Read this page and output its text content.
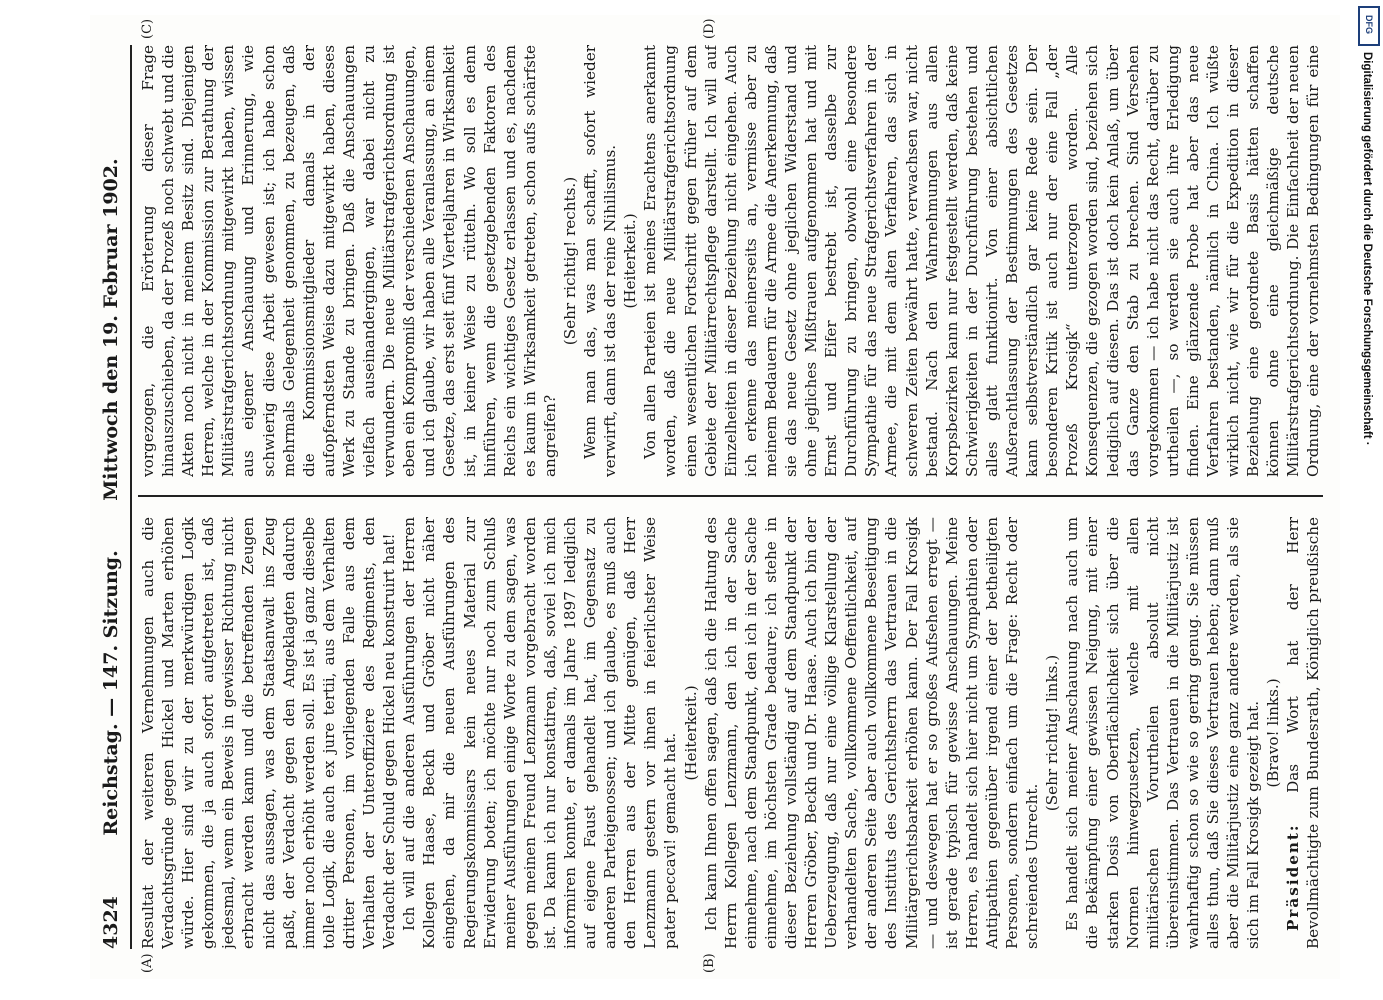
Reichstag. — 147. Sitzung.        Mittwoch den 19. Februar 1902.
4324
(A)	(B)
(C)	(D)

Resultat der weiteren Vernehmungen auch die Verdachtsgründe gegen Hickel und Marten erhöhen würde. Hier sind wir zu der merkwürdigen Logik gekommen, die ja auch sofort aufgetreten ist, daß jedesmal, wenn ein Beweis in gewisser Richtung nicht erbracht werden kann und die betreffenden Zeugen nicht das aussagen, was dem Staatsanwalt ins Zeug paßt, der Verdacht gegen den Angeklagten dadurch immer noch erhöht werden soll. Es ist ja ganz dieselbe tolle Logik, die auch ex jure tertii, aus dem Verhalten dritter Personen, im vorliegenden Falle aus dem Verhalten der Unteroffiziere des Regiments, den Verdacht der Schuld gegen Hickel neu konstruirt hat! Ich will auf die anderen Ausführungen der Herren Kollegen Haase, Beckh und Gröber nicht näher eingehen, da mir die neuen Ausführungen des Regierungskommissars kein neues Material zur Erwiderung boten; ich möchte nur noch zum Schluß meiner Ausführungen einige Worte zu dem sagen, was gegen meinen Freund Lenzmann vorgebracht worden ist. Da kann ich nur konstatiren, daß, soviel ich mich informiren konnte, er damals im Jahre 1897 lediglich auf eigene Faust gehandelt hat, im Gegensatz zu anderen Parteigenossen; und ich glaube, es muß auch den Herren aus der Mitte genügen, daß Herr Lenzmann gestern vor ihnen in feierlichster Weise pater peccavi! gemacht hat. (Heiterkeit.) Ich kann Ihnen offen sagen, daß ich die Haltung des Herrn Kollegen Lenzmann, den ich in der Sache einnehme, nach dem Standpunkt, den ich in der Sache einnehme, im höchsten Grade bedaure; ich stehe in dieser Beziehung vollständig auf dem Standpunkt der Herren Gröber, Beckh und Dr. Haase. Auch ich bin der Ueberzeugung, daß nur eine völlige Klarstellung der verhandelten Sache, vollkommene Oeffentlichkeit, auf der anderen Seite aber auch vollkommene Beseitigung des Instituts des Gerichtsherrn das Vertrauen in die Militärgerichtsbarkeit erhöhen kann. Der Fall Krosigk — und deswegen hat er so großes Aufsehen erregt — ist gerade typisch für gewisse Anschauungen. Meine Herren, es handelt sich hier nicht um Sympathien oder Antipathien gegenüber irgend einer der betheiligten Personen, sondern einfach um die Frage: Recht oder schreiendes Unrecht.

(Sehr richtig! links.) Es handelt sich meiner Anschauung nach auch um die Bekämpfung einer gewissen Neigung, mit einer starken Dosis von Oberflächlichkeit sich über die Normen hinwegzusetzen, welche mit allen militärischen Vorurtheilen absolut nicht übereinstimmen. Das Vertrauen in die Militärjustiz ist wahrhaftig schon so wie so gering genug. Sie müssen alles thun, daß Sie dieses Vertrauen heben; dann muß aber die Militärjustiz eine ganz andere werden, als sie sich im Fall Krosigk gezeigt hat. (Bravo! links.)

Präsident: Das Wort hat der Herr Bevollmächtigte zum Bundesrath, Königlich preußische

vorgezogen, die Erörterung dieser Frage hinauszuschieben, da der Prozeß noch schwebt und die Akten noch nicht in meinem Besitz sind. Diejenigen Herren, welche in der Kommission zur Berathung der Militärstrafgerichtsordnung mitgewirkt haben, wissen aus eigener Anschauung und Erinnerung, wie schwierig diese Arbeit gewesen ist; ich habe schon mehrmals Gelegenheit genommen, zu bezeugen, daß die Kommissionsmitglieder damals in der aufopferndsten Weise dazu mitgewirkt haben, dieses Werk zu Stande zu bringen. Daß die Anschauungen vielfach auseinandergingen, war dabei nicht zu verwundern. Die neue Militärstrafgerichtsordnung ist eben ein Kompromiß der verschiedenen Anschauungen, und ich glaube, wir haben alle Veranlassung, an einem Gesetze, das erst seit fünf Vierteljahren in Wirksamkeit ist, in keiner Weise zu rütteln. Wo soll es denn hinführen, wenn die gesetzgebenden Faktoren des Reichs ein wichtiges Gesetz erlassen und es, nachdem es kaum in Wirksamkeit getreten, schon aufs schärfste angreifen?

(Sehr richtig! rechts.) Wenn man das, was man schafft, sofort wieder verwirft, dann ist das der reine Nihilismus. (Heiterkeit.)

Von allen Parteien ist meines Erachtens anerkannt worden, daß die neue Militärstrafgerichtsordnung einen wesentlichen Fortschritt gegen früher auf dem Gebiete der Militärrechtspflege darstellt. Ich will auf Einzelheiten in dieser Beziehung nicht eingehen. Auch ich erkenne das meinerseits an, vermisse aber zu meinem Bedauern für die Armee die Anerkennung, daß sie das neue Gesetz ohne jeglichen Widerstand und ohne jegliches Mißtrauen aufgenommen hat und mit Ernst und Eifer bestrebt ist, dasselbe zur Durchführung zu bringen, obwohl eine besondere Sympathie für das neue Strafgerichtsverfahren in der Armee, die mit dem alten Verfahren, das sich in schweren Zeiten bewährt hatte, verwachsen war, nicht bestand. Nach den Wahrnehmungen aus allen Korpsbezirken kann nur festgestellt werden, daß keine Schwierigkeiten in der Durchführung bestehen und alles glatt funktionirt. Von einer absichtlichen Außerachtlassung der Bestimmungen des Gesetzes kann selbstverständlich gar keine Rede sein. Der besonderen Kritik ist auch nur der eine Fall „der Prozeß Krosigk“ unterzogen worden. Alle Konsequenzen, die gezogen worden sind, beziehen sich lediglich auf diesen. Das ist doch kein Anlaß, um über das Ganze den Stab zu brechen. Sind Versehen vorgekommen — ich habe nicht das Recht, darüber zu urtheilen —, so werden sie auch ihre Erledigung finden. Eine glänzende Probe hat aber das neue Verfahren bestanden, nämlich in China. Ich wüßte wirklich nicht, wie wir für die Expedition in dieser Beziehung eine geordnete Basis hätten schaffen können ohne eine gleichmäßige deutsche Militärstrafgerichtsordnung. Die Einfachheit der neuen Ordnung, eine der vornehmsten Bedingungen für eine

DFG
Digitalisierung gefördert durch die Deutsche Forschungsgemeinschaft ·
